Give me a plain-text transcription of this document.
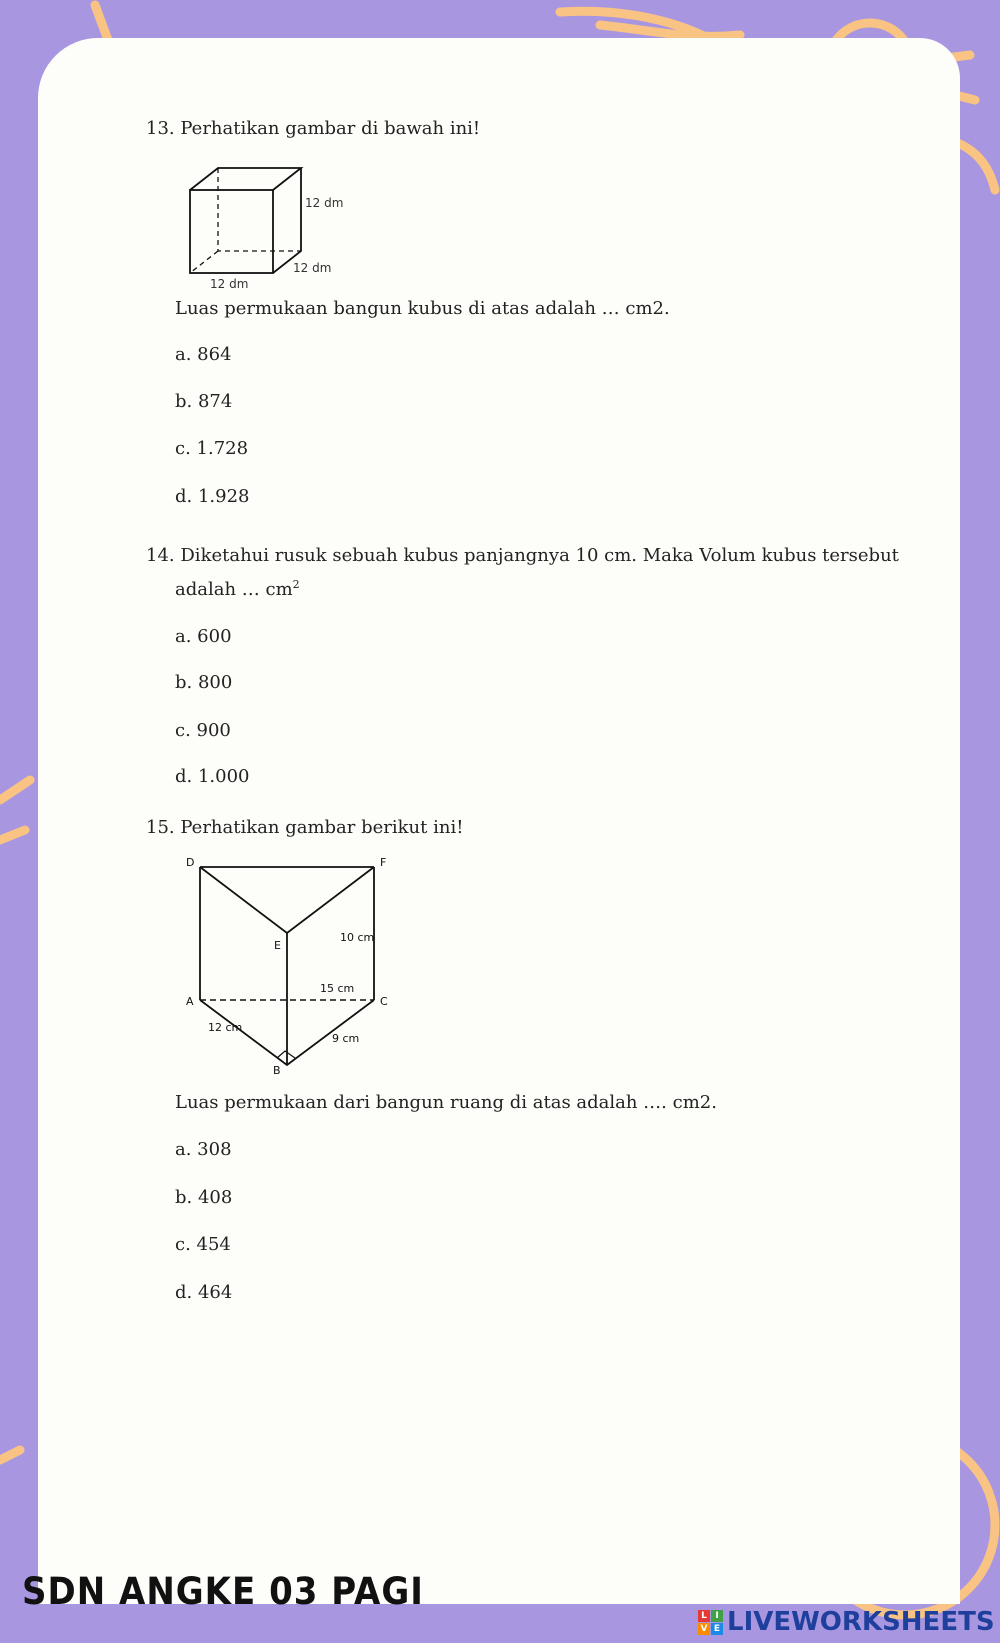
13. Perhatikan gambar di bawah ini!
12 dm
12 dm
12 dm
Luas permukaan bangun kubus di atas adalah … cm2.
a. 864
b. 874
c. 1.728
d. 1.928
14. Diketahui rusuk sebuah kubus panjangnya 10 cm. Maka Volum kubus tersebut
adalah … $cm^2$
a. 600
b. 800
c. 900
d. 1.000
15. Perhatikan gambar berikut ini!
D	F
E
A	C
B
10 cm
15 cm
12 cm
9 cm
Luas permukaan dari bangun ruang di atas adalah …. cm2.
a. 308
b. 408
c. 454
d. 464
SDN ANGKE 03 PAGI
L I
V E LIVEWORKSHEETS
